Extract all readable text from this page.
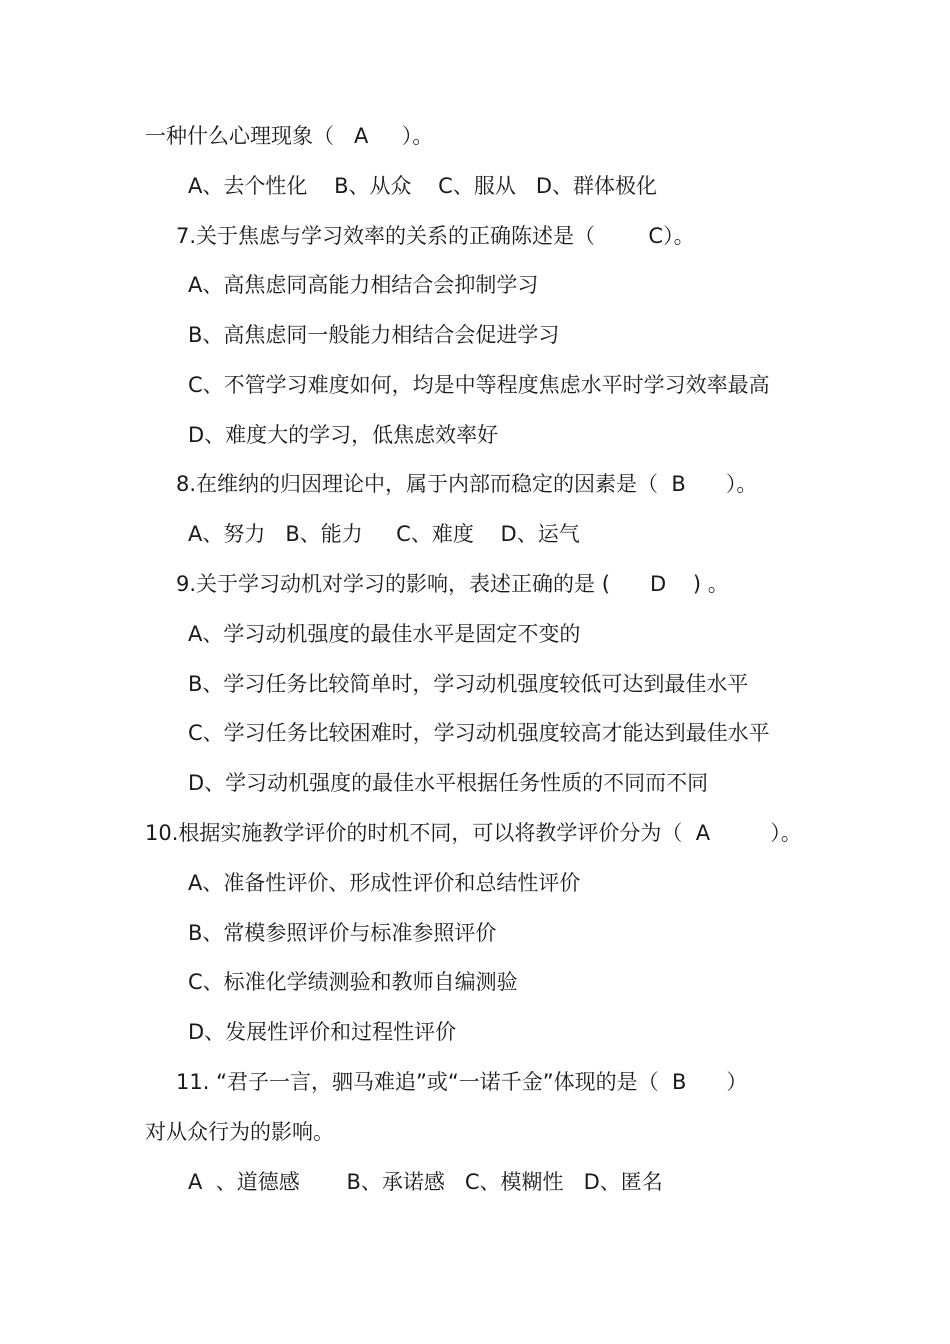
一种什么心理现象（   A     ）。
A、去个性化    B、从众    C、服从   D、群体极化
7.关于焦虑与学习效率的关系的正确陈述是（        C）。
A、高焦虑同高能力相结合会抑制学习
B、高焦虑同一般能力相结合会促进学习
C、不管学习难度如何，均是中等程度焦虑水平时学习效率最高
D、难度大的学习，低焦虑效率好
8.在维纳的归因理论中，属于内部而稳定的因素是（  B      ）。
A、努力   B、能力     C、难度    D、运气
9.关于学习动机对学习的影响，表述正确的是 (      D    ) 。
A、学习动机强度的最佳水平是固定不变的
B、学习任务比较简单时，学习动机强度较低可达到最佳水平
C、学习任务比较困难时，学习动机强度较高才能达到最佳水平
D、学习动机强度的最佳水平根据任务性质的不同而不同
10.根据实施教学评价的时机不同，可以将教学评价分为（  A         ）。
A、准备性评价、形成性评价和总结性评价
B、常模参照评价与标准参照评价
C、标准化学绩测验和教师自编测验
D、发展性评价和过程性评价
11. “君子一言，驷马难追”或“一诺千金”体现的是（  B      ）
对从众行为的影响。
A  、道德感       B、承诺感   C、模糊性   D、匿名
